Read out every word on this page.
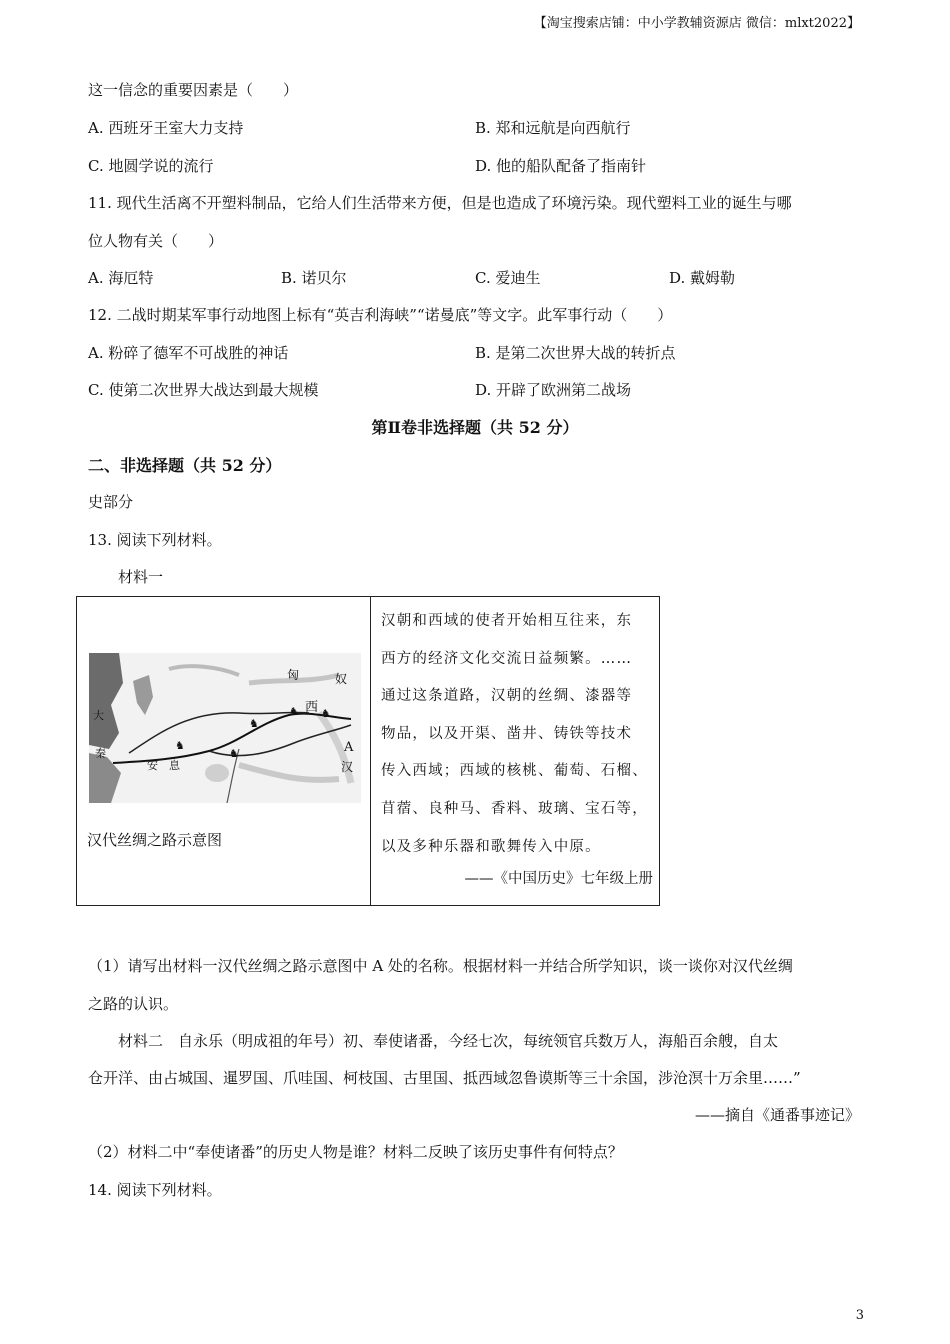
【淘宝搜索店铺：中小学教辅资源店 微信：mlxt2022】
这一信念的重要因素是（　　）
A. 西班牙王室大力支持	B. 郑和远航是向西航行
C. 地圆学说的流行	D. 他的船队配备了指南针
11. 现代生活离不开塑料制品，它给人们生活带来方便，但是也造成了环境污染。现代塑料工业的诞生与哪
位人物有关（　　）
A. 海厄特	B. 诺贝尔	C. 爱迪生	D. 戴姆勒
12. 二战时期某军事行动地图上标有“英吉利海峡”“诺曼底”等文字。此军事行动（　　）
A. 粉碎了德军不可战胜的神话	B. 是第二次世界大战的转折点
C. 使第二次世界大战达到最大规模	D. 开辟了欧洲第二战场
第Ⅱ卷非选择题（共 52 分）
二、非选择题（共 52 分）
史部分
13. 阅读下列材料。
材料一
♞
♞
♞ ♞
♞
匈	奴
西
A
汉
安　息
大
秦
汉代丝绸之路示意图
汉朝和西域的使者开始相互往来，东
西方的经济文化交流日益频繁。……
通过这条道路，汉朝的丝绸、漆器等
物品，以及开渠、凿井、铸铁等技术
传入西域；西域的核桃、葡萄、石榴、
苜蓿、良种马、香料、玻璃、宝石等，
以及多种乐器和歌舞传入中原。
——《中国历史》七年级上册
（1）请写出材料一汉代丝绸之路示意图中 A 处的名称。根据材料一并结合所学知识，谈一谈你对汉代丝绸
之路的认识。
材料二　自永乐（明成祖的年号）初、奉使诸番，今经七次，每统领官兵数万人，海船百余艘，自太
仓开洋、由占城国、暹罗国、爪哇国、柯枝国、古里国、抵西域忽鲁谟斯等三十余国，涉沧溟十万余里……”
——摘自《通番事迹记》
（2）材料二中“奉使诸番”的历史人物是谁？材料二反映了该历史事件有何特点？
14. 阅读下列材料。
3
